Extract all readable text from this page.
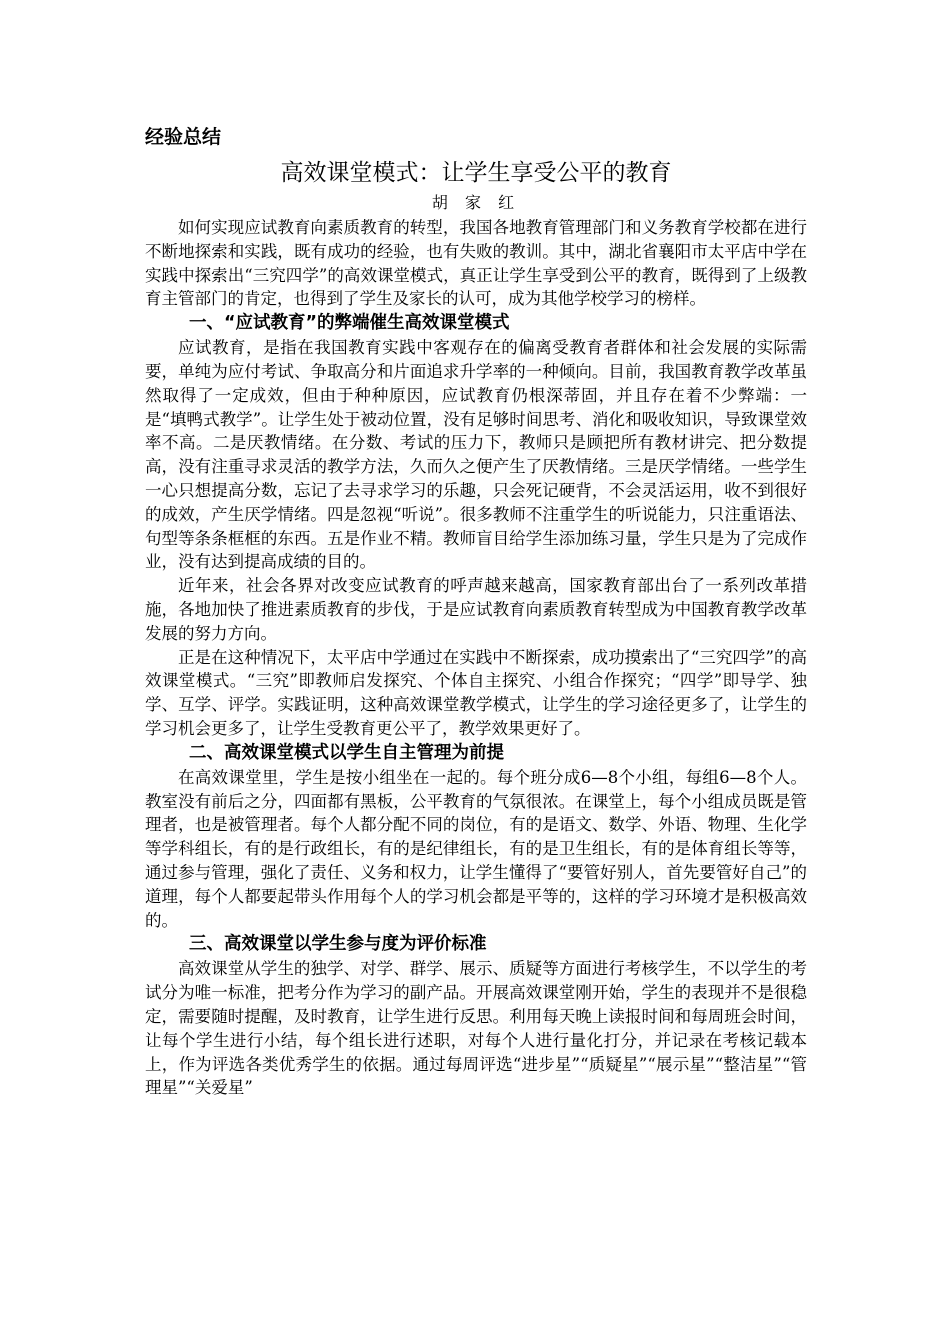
经验总结
高效课堂模式：让学生享受公平的教育
胡 家 红

如何实现应试教育向素质教育的转型，我国各地教育管理部门和义务教育学校都在进行不断地探索和实践，既有成功的经验，也有失败的教训。其中，湖北省襄阳市太平店中学在实践中探索出“三究四学”的高效课堂模式，真正让学生享受到公平的教育，既得到了上级教育主管部门的肯定，也得到了学生及家长的认可，成为其他学校学习的榜样。

一、“应试教育”的弊端催生高效课堂模式

应试教育，是指在我国教育实践中客观存在的偏离受教育者群体和社会发展的实际需要，单纯为应付考试、争取高分和片面追求升学率的一种倾向。目前，我国教育教学改革虽然取得了一定成效，但由于种种原因，应试教育仍根深蒂固，并且存在着不少弊端：一是“填鸭式教学”。让学生处于被动位置，没有足够时间思考、消化和吸收知识，导致课堂效率不高。二是厌教情绪。在分数、考试的压力下，教师只是顾把所有教材讲完、把分数提高，没有注重寻求灵活的教学方法，久而久之便产生了厌教情绪。三是厌学情绪。一些学生一心只想提高分数，忘记了去寻求学习的乐趣，只会死记硬背，不会灵活运用，收不到很好的成效，产生厌学情绪。四是忽视“听说”。很多教师不注重学生的听说能力，只注重语法、句型等条条框框的东西。五是作业不精。教师盲目给学生添加练习量，学生只是为了完成作业，没有达到提高成绩的目的。

近年来，社会各界对改变应试教育的呼声越来越高，国家教育部出台了一系列改革措施，各地加快了推进素质教育的步伐，于是应试教育向素质教育转型成为中国教育教学改革发展的努力方向。

正是在这种情况下，太平店中学通过在实践中不断探索，成功摸索出了“三究四学”的高效课堂模式。“三究”即教师启发探究、个体自主探究、小组合作探究；“四学”即导学、独学、互学、评学。实践证明，这种高效课堂教学模式，让学生的学习途径更多了，让学生的学习机会更多了，让学生受教育更公平了，教学效果更好了。

二、高效课堂模式以学生自主管理为前提

在高效课堂里，学生是按小组坐在一起的。每个班分成6—8个小组，每组6—8个人。教室没有前后之分，四面都有黑板，公平教育的气氛很浓。在课堂上，每个小组成员既是管理者，也是被管理者。每个人都分配不同的岗位，有的是语文、数学、外语、物理、生化学等学科组长，有的是行政组长，有的是纪律组长，有的是卫生组长，有的是体育组长等等，通过参与管理，强化了责任、义务和权力，让学生懂得了“要管好别人，首先要管好自己”的道理，每个人都要起带头作用每个人的学习机会都是平等的，这样的学习环境才是积极高效的。

三、高效课堂以学生参与度为评价标准

高效课堂从学生的独学、对学、群学、展示、质疑等方面进行考核学生，不以学生的考试分为唯一标准，把考分作为学习的副产品。开展高效课堂刚开始，学生的表现并不是很稳定，需要随时提醒，及时教育，让学生进行反思。利用每天晚上读报时间和每周班会时间，让每个学生进行小结，每个组长进行述职，对每个人进行量化打分，并记录在考核记载本上，作为评选各类优秀学生的依据。通过每周评选“进步星”“质疑星”“展示星”“整洁星”“管理星”“关爱星”
